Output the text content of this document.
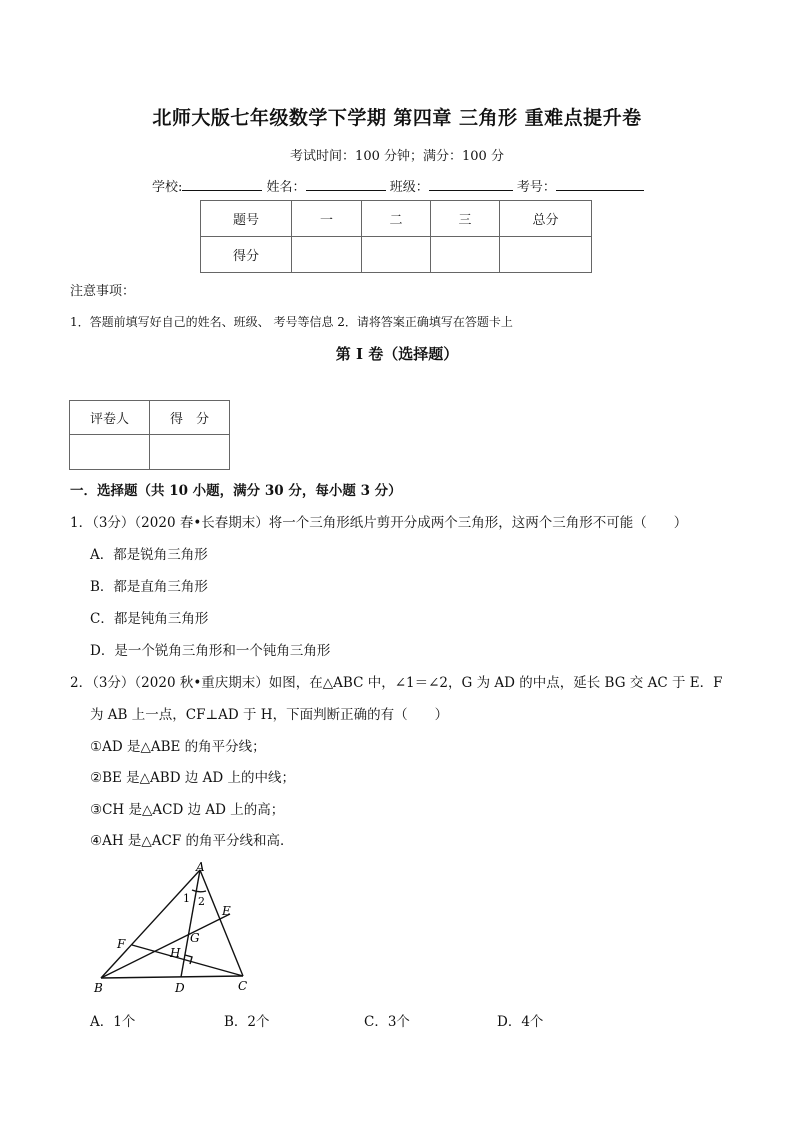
北师大版七年级数学下学期 第四章 三角形 重难点提升卷
考试时间：100 分钟；满分：100 分
学校:	姓名：	班级：	考号：
题号	一	二	三	总分
得分				
注意事项：
1．答题前填写好自己的姓名、班级、 考号等信息 2．请将答案正确填写在答题卡上
第 I 卷（选择题）
评卷人	得　分

一．选择题（共 10 小题，满分 30 分，每小题 3 分）
1．（3分）（2020 春•长春期末）将一个三角形纸片剪开分成两个三角形，这两个三角形不可能（　　）
A．都是锐角三角形
B．都是直角三角形
C．都是钝角三角形
D．是一个锐角三角形和一个钝角三角形
2．（3分）（2020 秋•重庆期末）如图，在△ABC 中，∠1＝∠2，G 为 AD 的中点，延长 BG 交 AC 于 E．F
为 AB 上一点，CF⊥AD 于 H，下面判断正确的有（　　）
①AD 是△ABE 的角平分线；
②BE 是△ABD 边 AD 上的中线；
③CH 是△ACD 边 AD 上的高；
④AH 是△ACF 的角平分线和高．
A
B	C
D
E
F	G
H
1 2
A．1个	B．2个	C．3个	D．4个
